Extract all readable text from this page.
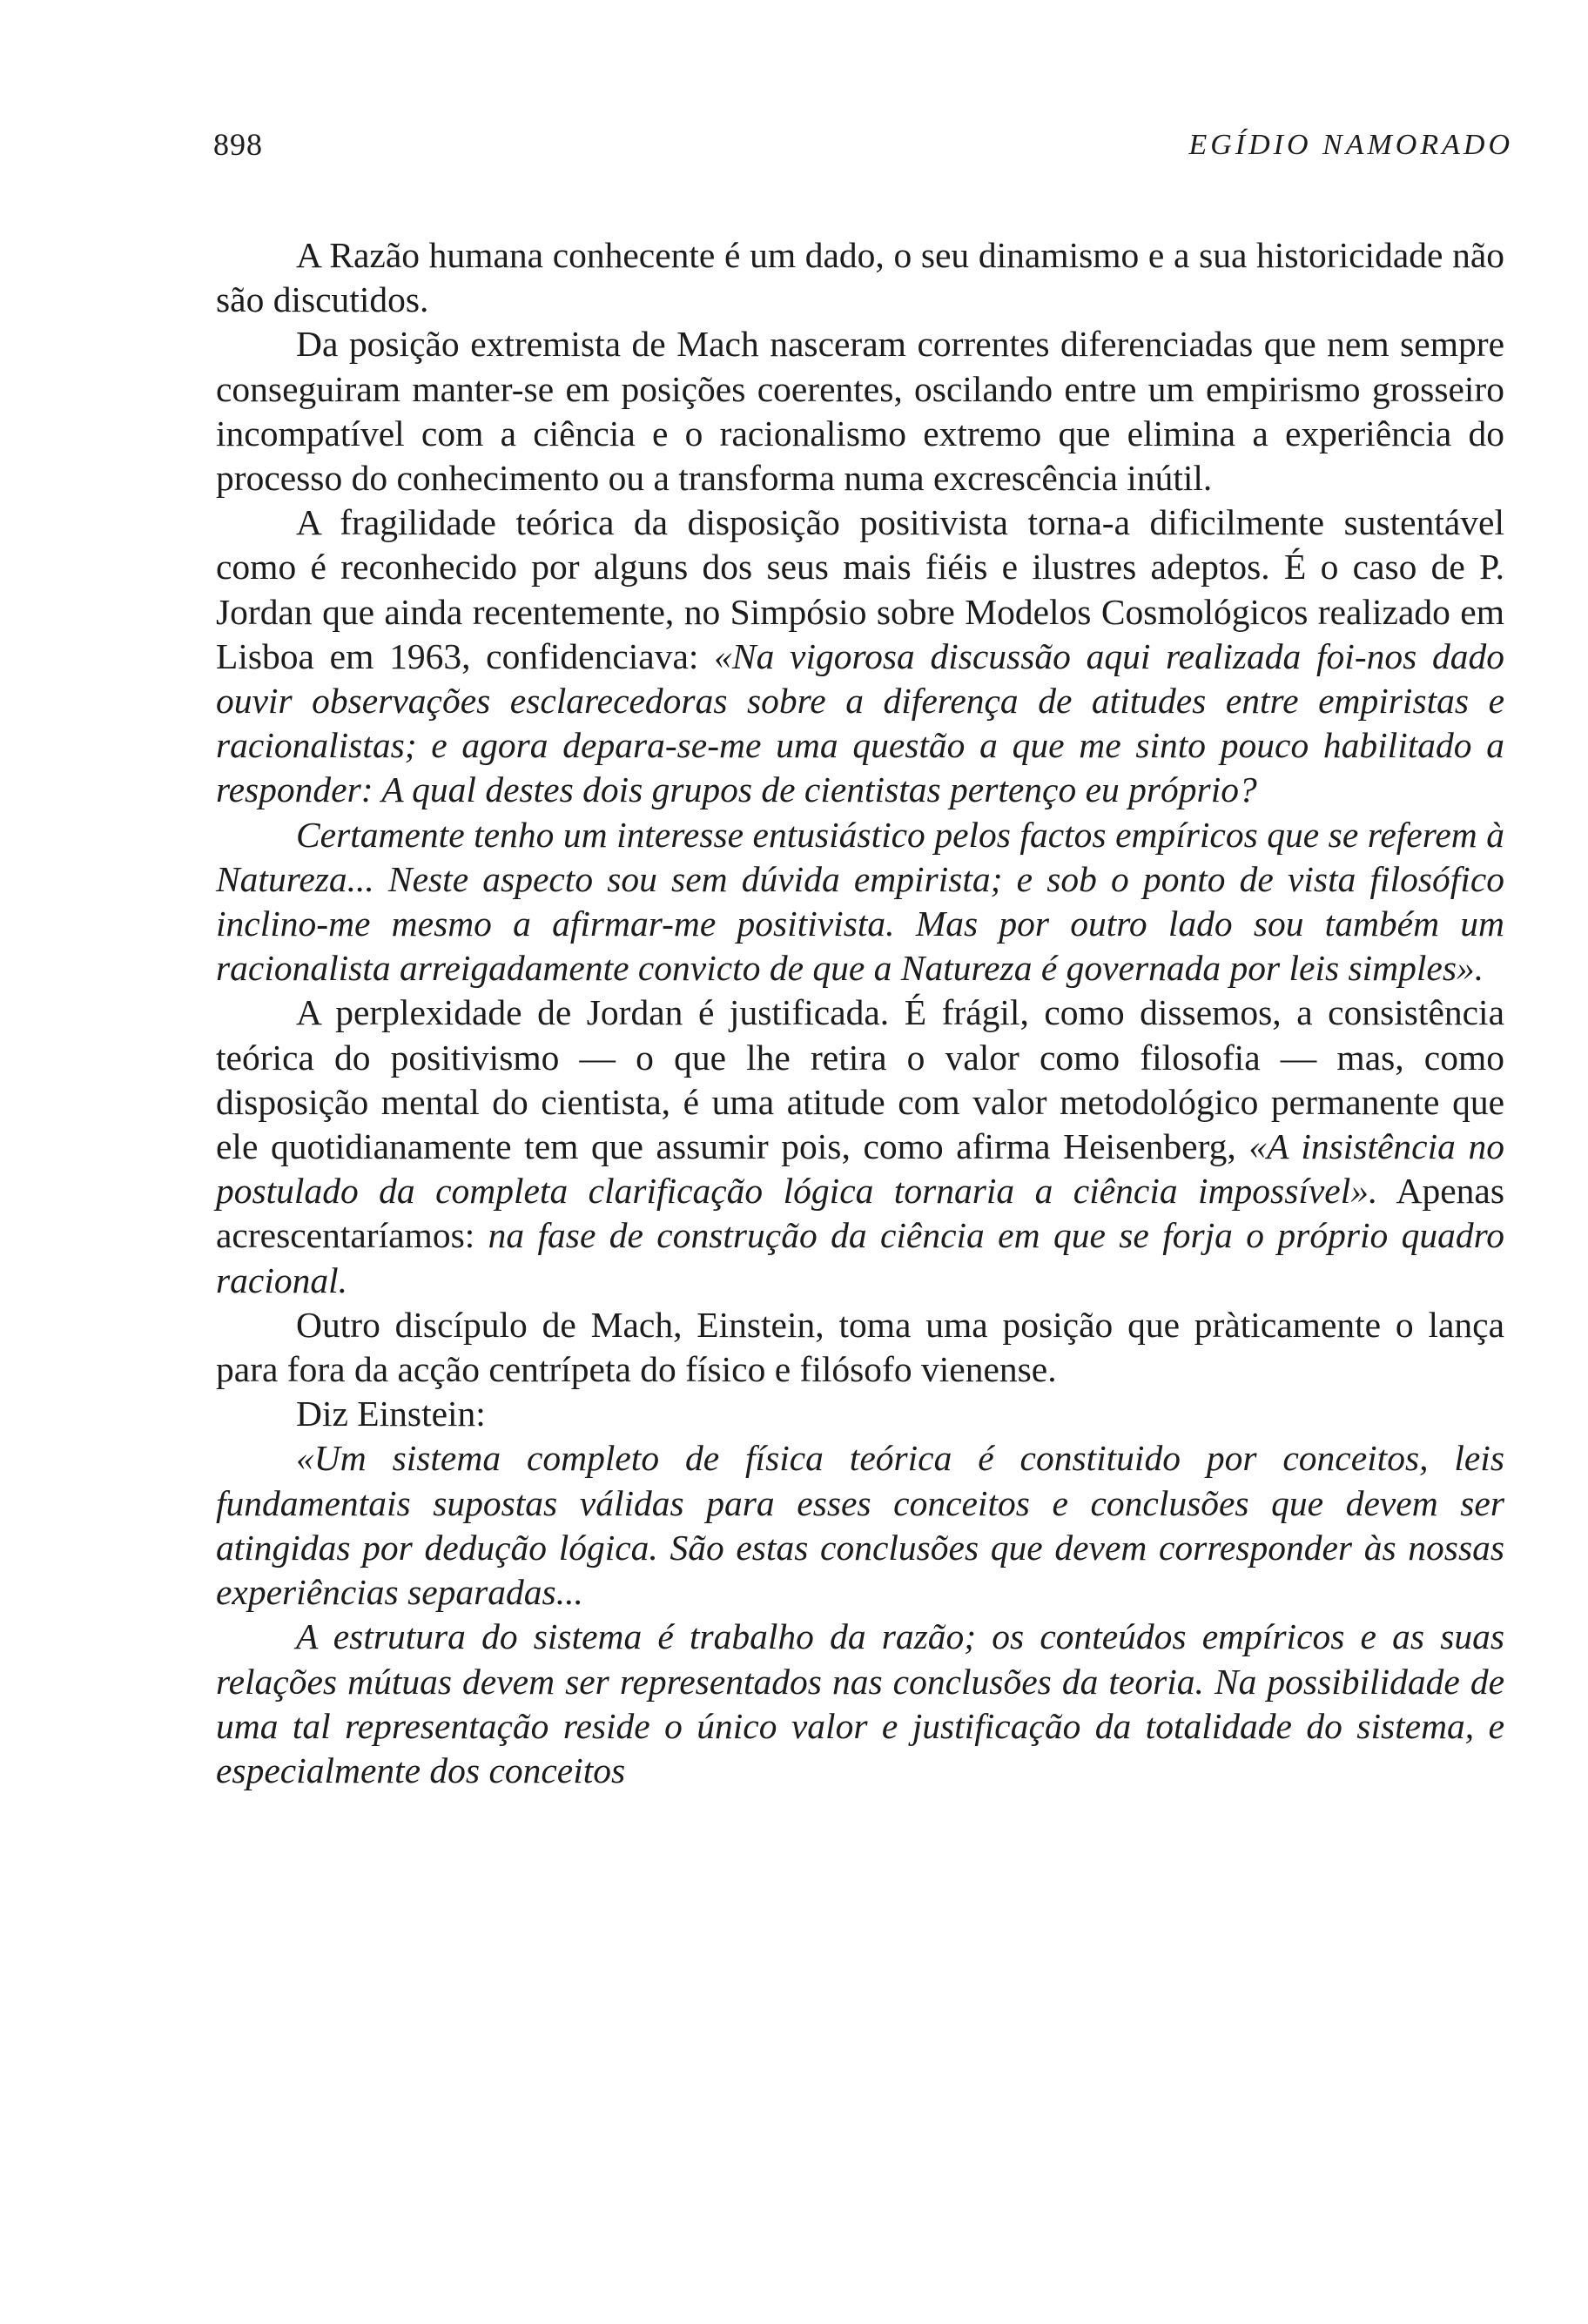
898	EGÍDIO NAMORADO

A Razão humana conhecente é um dado, o seu dinamismo e a sua historicidade não são discutidos.

Da posição extremista de Mach nasceram correntes diferenciadas que nem sempre conseguiram manter-se em posições coerentes, oscilando entre um empirismo grosseiro incompatível com a ciência e o racionalismo extremo que elimina a experiência do processo do conhecimento ou a transforma numa excrescência inútil.

A fragilidade teórica da disposição positivista torna-a dificilmente sustentável como é reconhecido por alguns dos seus mais fiéis e ilustres adeptos. É o caso de P. Jordan que ainda recentemente, no Simpósio sobre Modelos Cosmológicos realizado em Lisboa em 1963, confidenciava: «Na vigorosa discussão aqui realizada foi-nos dado ouvir observações esclarecedoras sobre a diferença de atitudes entre empiristas e racionalistas; e agora depara-se-me uma questão a que me sinto pouco habilitado a responder: A qual destes dois grupos de cientistas pertenço eu próprio?

Certamente tenho um interesse entusiástico pelos factos empíricos que se referem à Natureza... Neste aspecto sou sem dúvida empirista; e sob o ponto de vista filosófico inclino-me mesmo a afirmar-me positivista. Mas por outro lado sou também um racionalista arreigadamente convicto de que a Natureza é governada por leis simples».

A perplexidade de Jordan é justificada. É frágil, como dissemos, a consistência teórica do positivismo — o que lhe retira o valor como filosofia — mas, como disposição mental do cientista, é uma atitude com valor metodológico permanente que ele quotidianamente tem que assumir pois, como afirma Heisenberg, «A insistência no postulado da completa clarificação lógica tornaria a ciência impossível». Apenas acrescentaríamos: na fase de construção da ciência em que se forja o próprio quadro racional.

Outro discípulo de Mach, Einstein, toma uma posição que pràticamente o lança para fora da acção centrípeta do físico e filósofo vienense.

Diz Einstein:

«Um sistema completo de física teórica é constituido por conceitos, leis fundamentais supostas válidas para esses conceitos e conclusões que devem ser atingidas por dedução lógica. São estas conclusões que devem corresponder às nossas experiências separadas...

A estrutura do sistema é trabalho da razão; os conteúdos empíricos e as suas relações mútuas devem ser representados nas conclusões da teoria. Na possibilidade de uma tal representação reside o único valor e justificação da totalidade do sistema, e especialmente dos conceitos
